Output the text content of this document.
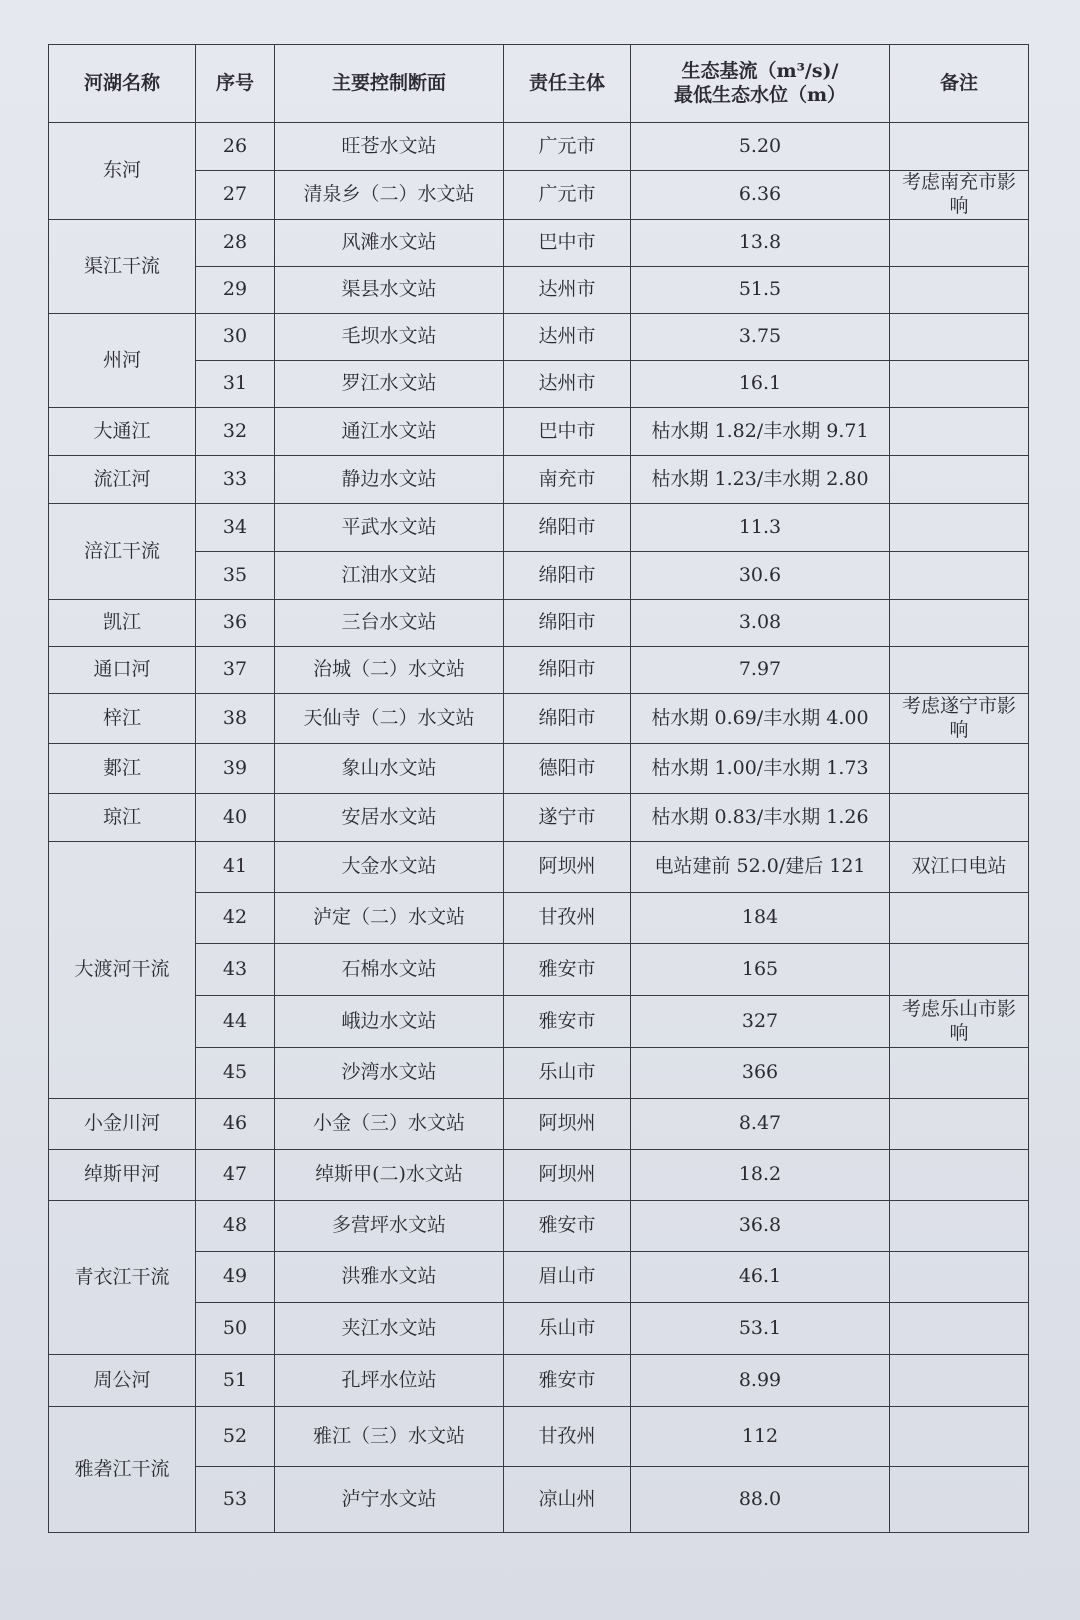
河湖名称	序号	主要控制断面	责任主体	生态基流（m³/s)/
最低生态水位（m）	备注
东河	26	旺苍水文站	广元市	5.20	
	27	清泉乡（二）水文站	广元市	6.36	考虑南充市影响
渠江干流	28	风滩水文站	巴中市	13.8	
	29	渠县水文站	达州市	51.5	
州河	30	毛坝水文站	达州市	3.75	
	31	罗江水文站	达州市	16.1	
大通江	32	通江水文站	巴中市	枯水期 1.82/丰水期 9.71	
流江河	33	静边水文站	南充市	枯水期 1.23/丰水期 2.80	
涪江干流	34	平武水文站	绵阳市	11.3	
	35	江油水文站	绵阳市	30.6	
凯江	36	三台水文站	绵阳市	3.08	
通口河	37	治城（二）水文站	绵阳市	7.97	
梓江	38	天仙寺（二）水文站	绵阳市	枯水期 0.69/丰水期 4.00	考虑遂宁市影响
郪江	39	象山水文站	德阳市	枯水期 1.00/丰水期 1.73	
琼江	40	安居水文站	遂宁市	枯水期 0.83/丰水期 1.26	
大渡河干流	41	大金水文站	阿坝州	电站建前 52.0/建后 121	双江口电站
	42	泸定（二）水文站	甘孜州	184	
	43	石棉水文站	雅安市	165	
	44	峨边水文站	雅安市	327	考虑乐山市影响
	45	沙湾水文站	乐山市	366	
小金川河	46	小金（三）水文站	阿坝州	8.47	
绰斯甲河	47	绰斯甲(二)水文站	阿坝州	18.2	
青衣江干流	48	多营坪水文站	雅安市	36.8	
	49	洪雅水文站	眉山市	46.1	
	50	夹江水文站	乐山市	53.1	
周公河	51	孔坪水位站	雅安市	8.99	
雅砻江干流	52	雅江（三）水文站	甘孜州	112	
	53	泸宁水文站	凉山州	88.0	
